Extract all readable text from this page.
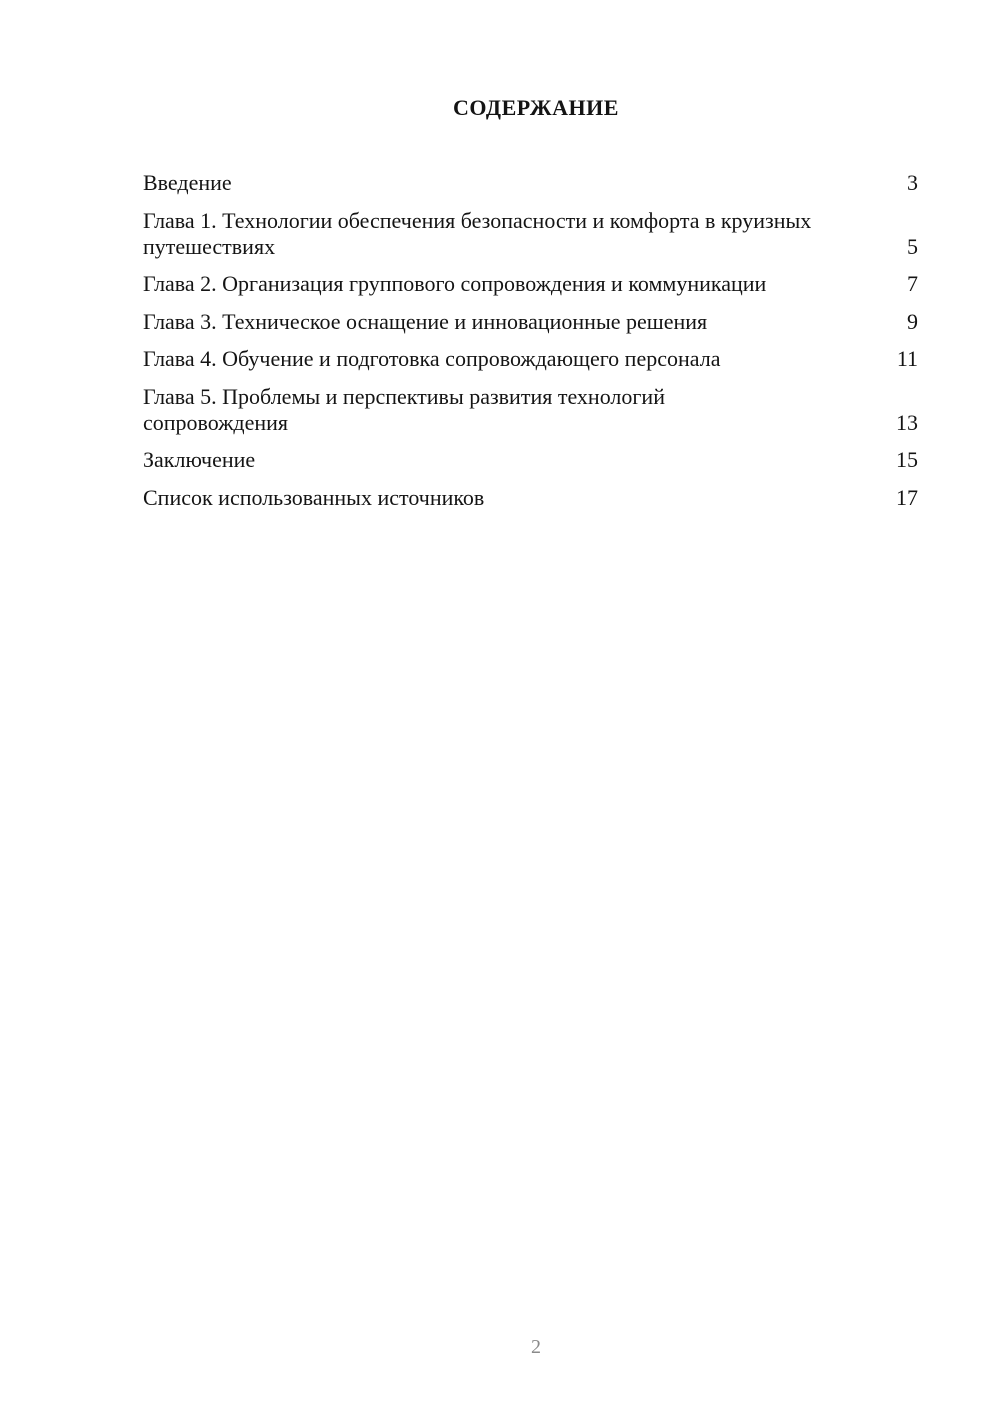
СОДЕРЖАНИЕ
Введение	3
Глава 1. Технологии обеспечения безопасности и комфорта в круизных путешествиях	5
Глава 2. Организация группового сопровождения и коммуникации	7
Глава 3. Техническое оснащение и инновационные решения	9
Глава 4. Обучение и подготовка сопровождающего персонала	11
Глава 5. Проблемы и перспективы развития технологий сопровождения	13
Заключение	15
Список использованных источников	17
2
